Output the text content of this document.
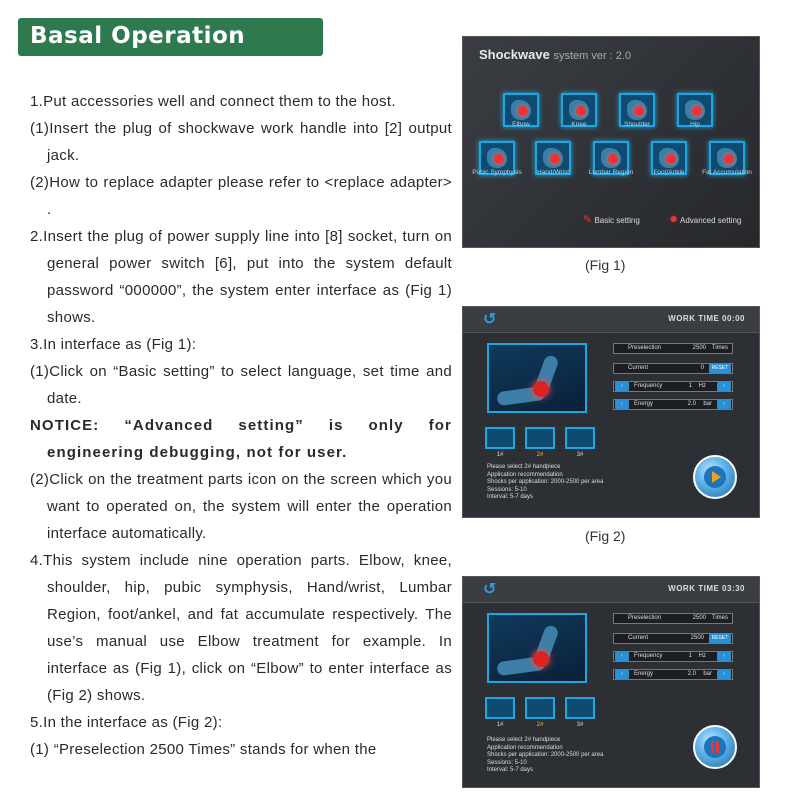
Basal Operation

1.Put accessories well and connect them to the host.

(1)Insert the plug of shockwave work handle into [2] output jack.

(2)How to replace adapter please refer to <replace adapter> .

2.Insert the plug of power supply line into [8] socket, turn on general power switch [6], put into the system default password “000000”, the system enter interface as (Fig 1) shows.

3.In interface as (Fig 1):

(1)Click on “Basic setting” to select language, set time and date.

NOTICE: “Advanced setting” is only for engineering debugging, not for user.

(2)Click on the treatment parts icon on the screen which you want to operated on, the system will enter the operation interface automatically.

4.This system include nine operation parts. Elbow, knee, shoulder, hip, pubic symphysis, Hand/wrist, Lumbar Region, foot/ankel, and fat accumulate respectively. The use’s manual use Elbow treatment for example. In interface as (Fig 1), click on “Elbow” to enter interface as (Fig 2) shows.

5.In the interface as (Fig 2):

(1) “Preselection 2500 Times” stands for when the

Shockwave system ver : 2.0
Elbow	Knee	Shoulder	Hip
Pubic Symphysis	Hand/Wrist	Lumbar Region	Foot/Ankle	Fat Accumulation
✎ Basic setting	✹ Advanced setting
(Fig 1)
↺	WORK TIME 00:00
Preselection	2500 Times
Current	0	RESET
‹	Frequency	1 Hz	›
‹	Energy	2.0 bar	›
1#	2#	3#
Please select 2# handpiece
Application recommendation
Shocks per application: 2000-2500 per area
Sessions: 5-10
Interval: 5-7 days
(Fig 2)
↺	WORK TIME 03:30
Preselection	2500 Times
Current	2500	RESET
‹	Frequency	1 Hz	›
‹	Energy	2.0 bar	›
1#	2#	3#
Please select 2# handpiece
Application recommendation
Shocks per application: 2000-2500 per area
Sessions: 5-10
Interval: 5-7 days
